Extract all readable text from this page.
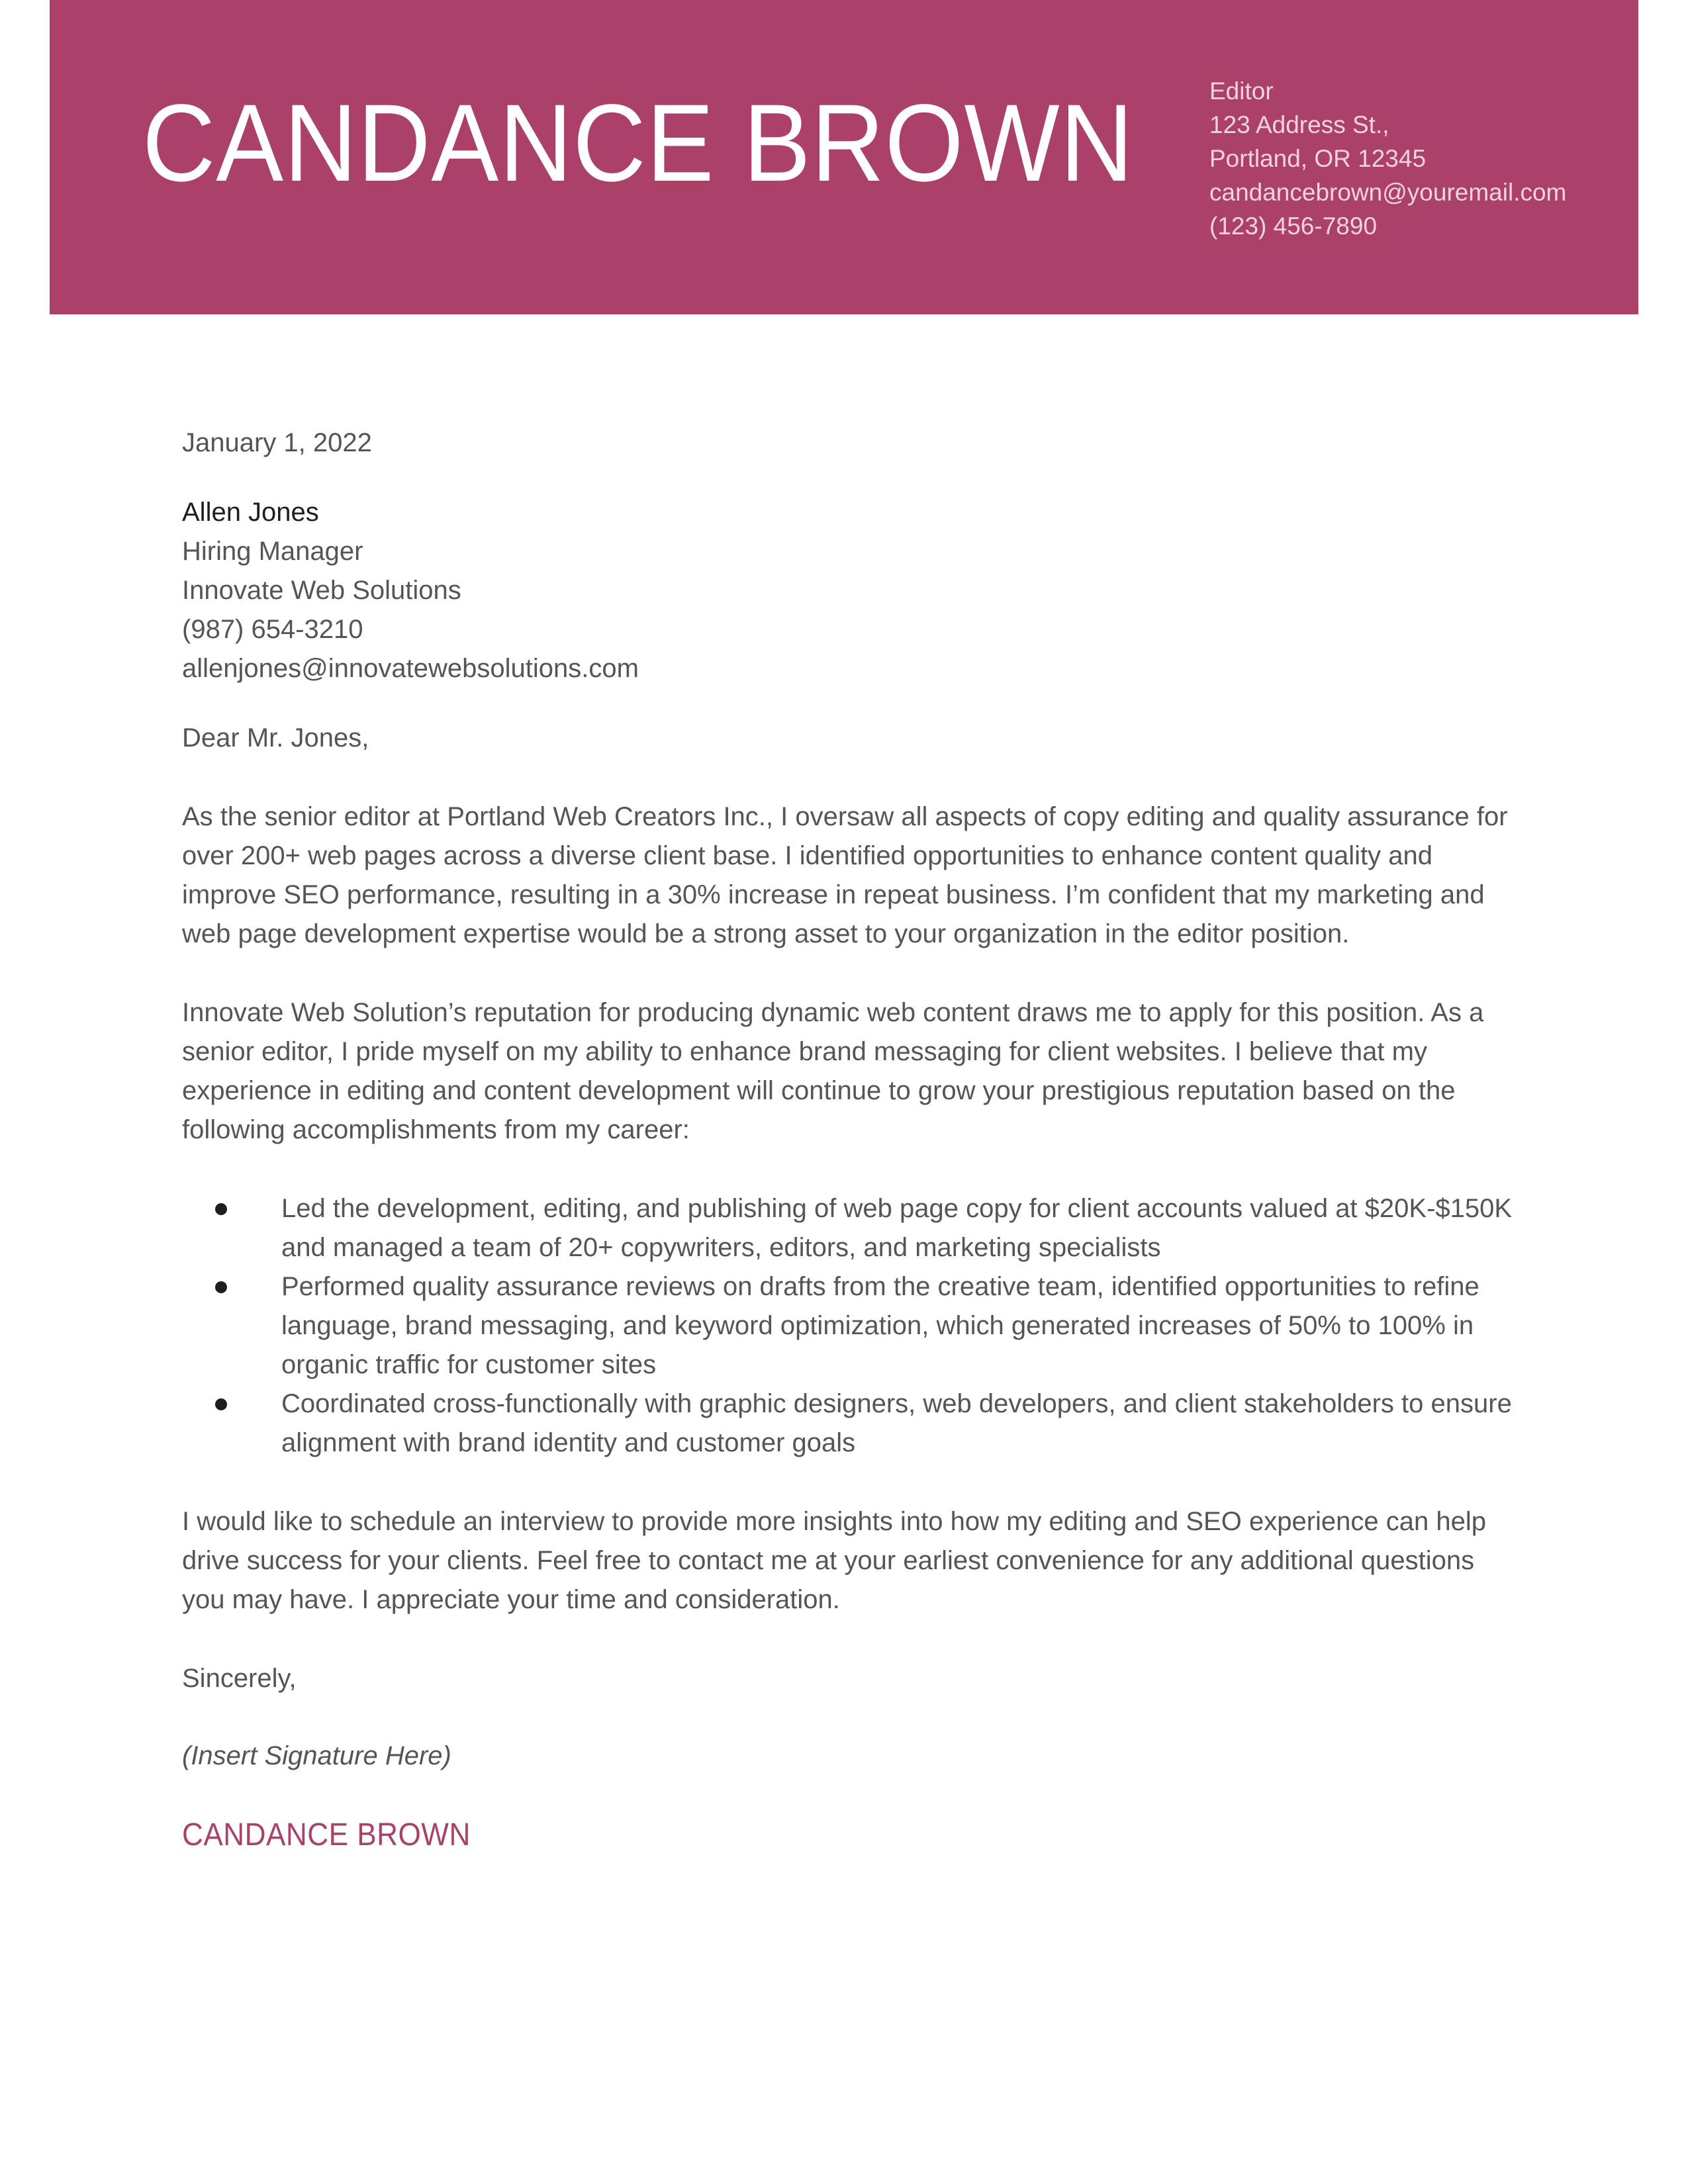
CANDANCE BROWN	Editor
123 Address St.,
Portland, OR 12345
candancebrown@youremail.com
(123) 456-7890
January 1, 2022
Allen Jones
Hiring Manager
Innovate Web Solutions
(987) 654-3210
allenjones@innovatewebsolutions.com
Dear Mr. Jones,

As the senior editor at Portland Web Creators Inc., I oversaw all aspects of copy editing and quality assurance for over 200+ web pages across a diverse client base. I identified opportunities to enhance content quality and improve SEO performance, resulting in a 30% increase in repeat business. I’m confident that my marketing and web page development expertise would be a strong asset to your organization in the editor position.

Innovate Web Solution’s reputation for producing dynamic web content draws me to apply for this position. As a senior editor, I pride myself on my ability to enhance brand messaging for client websites. I believe that my experience in editing and content development will continue to grow your prestigious reputation based on the following accomplishments from my career:

Led the development, editing, and publishing of web page copy for client accounts valued at $20K-$150K and managed a team of 20+ copywriters, editors, and marketing specialists
Performed quality assurance reviews on drafts from the creative team, identified opportunities to refine language, brand messaging, and keyword optimization, which generated increases of 50% to 100% in organic traffic for customer sites
Coordinated cross-functionally with graphic designers, web developers, and client stakeholders to ensure alignment with brand identity and customer goals

I would like to schedule an interview to provide more insights into how my editing and SEO experience can help drive success for your clients. Feel free to contact me at your earliest convenience for any additional questions you may have. I appreciate your time and consideration.

Sincerely,
(Insert Signature Here)
CANDANCE BROWN
